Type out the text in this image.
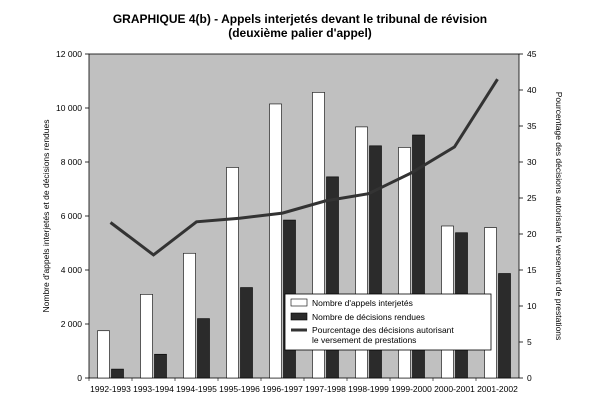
GRAPHIQUE 4(b) - Appels interjetés devant le tribunal de révision
(deuxième palier d'appel)
0
2 000
4 000
6 000
8 000
10 000
12 000
0
5
10
15
20
25
30
35
40
45
1992-1993 1993-1994 1994-1995 1995-1996 1996-1997 1997-1998 1998-1999 1999-2000 2000-2001 2001-2002
Nombre d'appels interjetés et de décisions rendues	Pourcentage des décisions autorisant le versement de prestations
Nombre d'appels interjetés
Nombre de décisions rendues
Pourcentage des décisions autorisant
le versement de prestations
